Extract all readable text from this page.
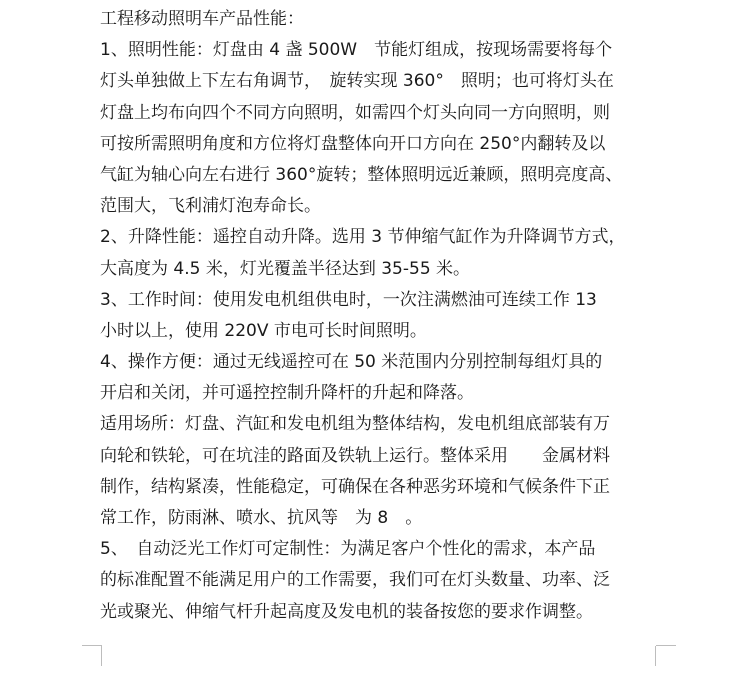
工程移动照明车产品性能：
1、照明性能：灯盘由 4 盏 500W　节能灯组成，按现场需要将每个
灯头单独做上下左右角调节，　旋转实现 360°　照明；也可将灯头在
灯盘上均布向四个不同方向照明，如需四个灯头向同一方向照明，则
可按所需照明角度和方位将灯盘整体向开口方向在 250°内翻转及以
气缸为轴心向左右进行 360°旋转；整体照明远近兼顾，照明亮度高、
范围大，飞利浦灯泡寿命长。
2、升降性能：遥控自动升降。选用 3 节伸缩气缸作为升降调节方式，
大高度为 4.5 米，灯光覆盖半径达到 35-55 米。
3、工作时间：使用发电机组供电时，一次注满燃油可连续工作 13
小时以上，使用 220V 市电可长时间照明。
4、操作方便：通过无线遥控可在 50 米范围内分别控制每组灯具的
开启和关闭，并可遥控控制升降杆的升起和降落。
适用场所：灯盘、汽缸和发电机组为整体结构，发电机组底部装有万
向轮和铁轮，可在坑洼的路面及铁轨上运行。整体采用　　金属材料
制作，结构紧凑，性能稳定，可确保在各种恶劣环境和气候条件下正
常工作，防雨淋、喷水、抗风等　为 8　。
5、　自动泛光工作灯可定制性：为满足客户个性化的需求，本产品
的标准配置不能满足用户的工作需要，我们可在灯头数量、功率、泛
光或聚光、伸缩气杆升起高度及发电机的装备按您的要求作调整。
